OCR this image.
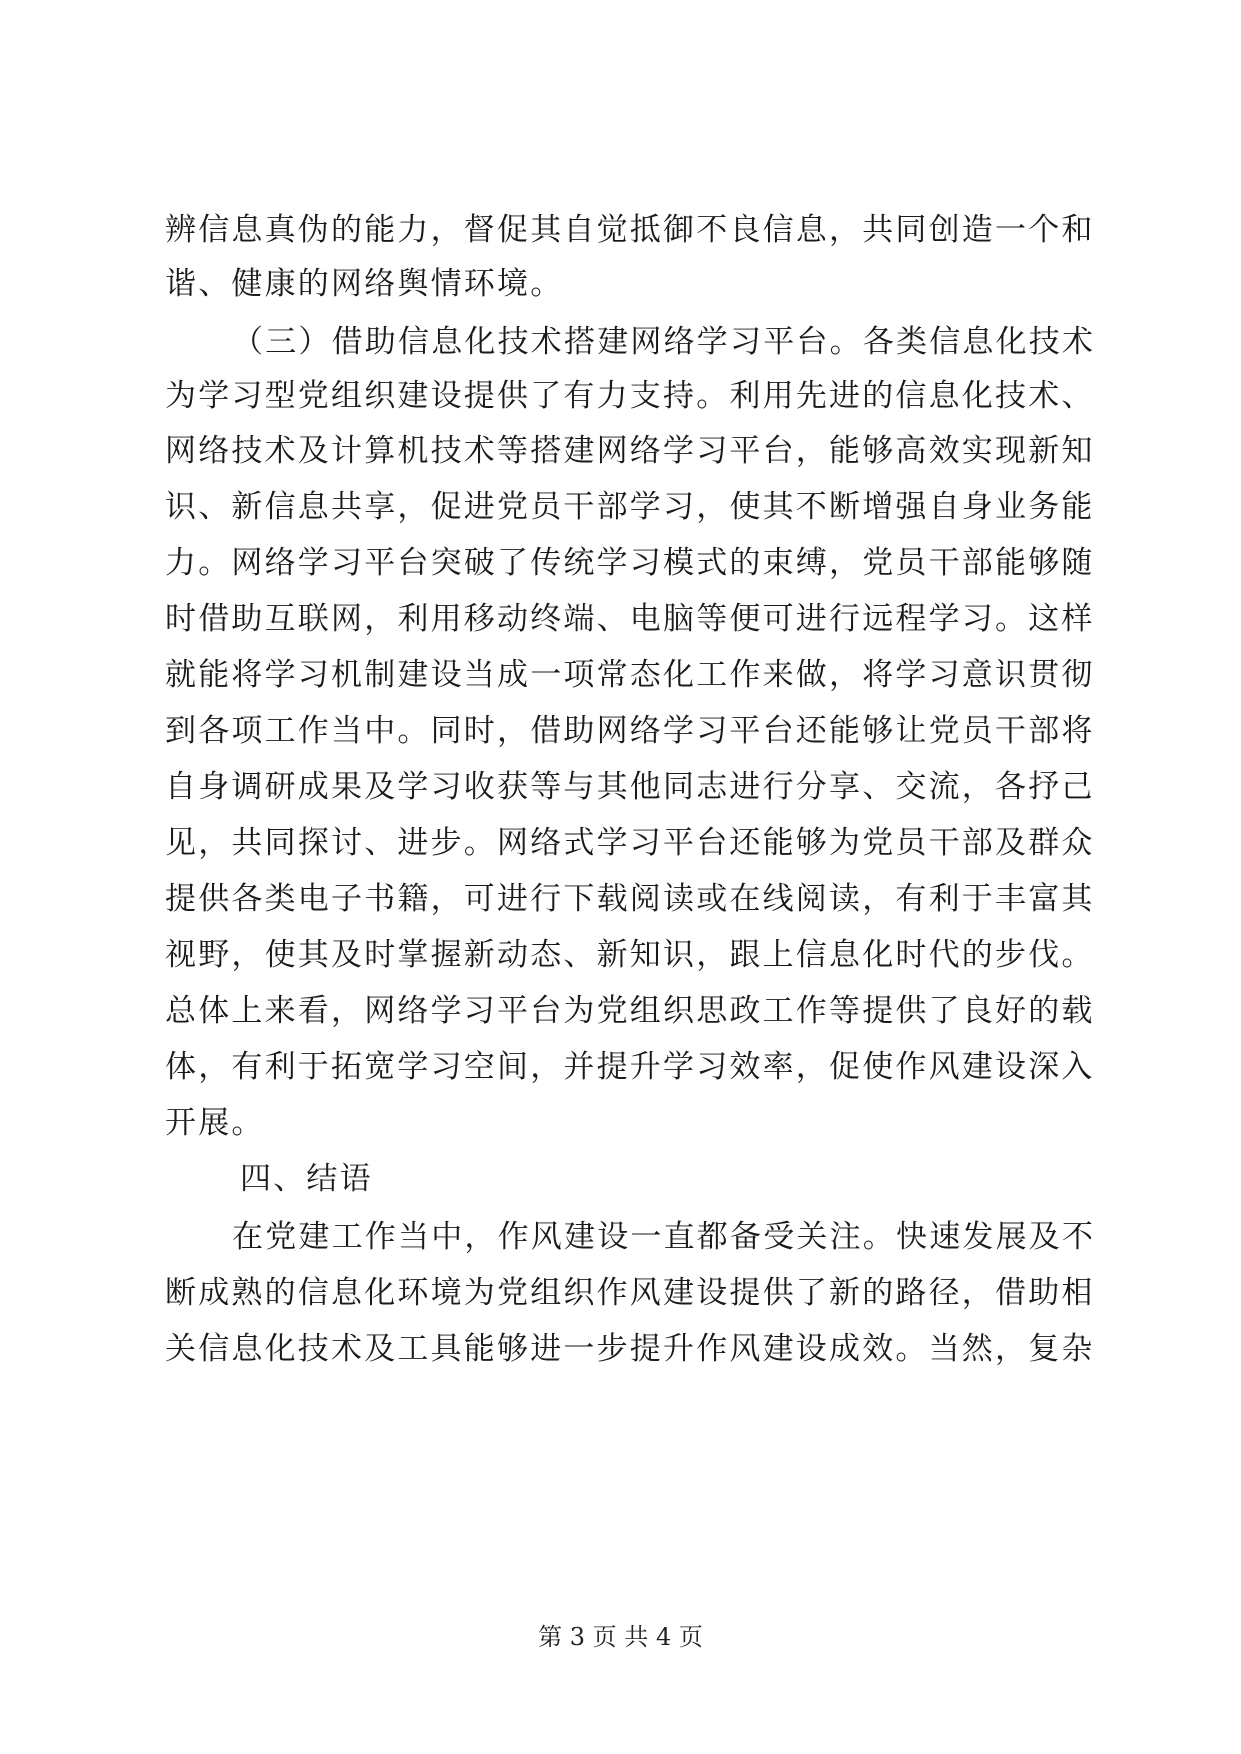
辨信息真伪的能力，督促其自觉抵御不良信息，共同创造一个和
谐、健康的网络舆情环境。
（三）借助信息化技术搭建网络学习平台。各类信息化技术
为学习型党组织建设提供了有力支持。利用先进的信息化技术、
网络技术及计算机技术等搭建网络学习平台，能够高效实现新知
识、新信息共享，促进党员干部学习，使其不断增强自身业务能
力。网络学习平台突破了传统学习模式的束缚，党员干部能够随
时借助互联网，利用移动终端、电脑等便可进行远程学习。这样
就能将学习机制建设当成一项常态化工作来做，将学习意识贯彻
到各项工作当中。同时，借助网络学习平台还能够让党员干部将
自身调研成果及学习收获等与其他同志进行分享、交流，各抒己
见，共同探讨、进步。网络式学习平台还能够为党员干部及群众
提供各类电子书籍，可进行下载阅读或在线阅读，有利于丰富其
视野，使其及时掌握新动态、新知识，跟上信息化时代的步伐。
总体上来看，网络学习平台为党组织思政工作等提供了良好的载
体，有利于拓宽学习空间，并提升学习效率，促使作风建设深入
开展。
四、结语
在党建工作当中，作风建设一直都备受关注。快速发展及不
断成熟的信息化环境为党组织作风建设提供了新的路径，借助相
关信息化技术及工具能够进一步提升作风建设成效。当然，复杂
第 3 页 共 4 页
